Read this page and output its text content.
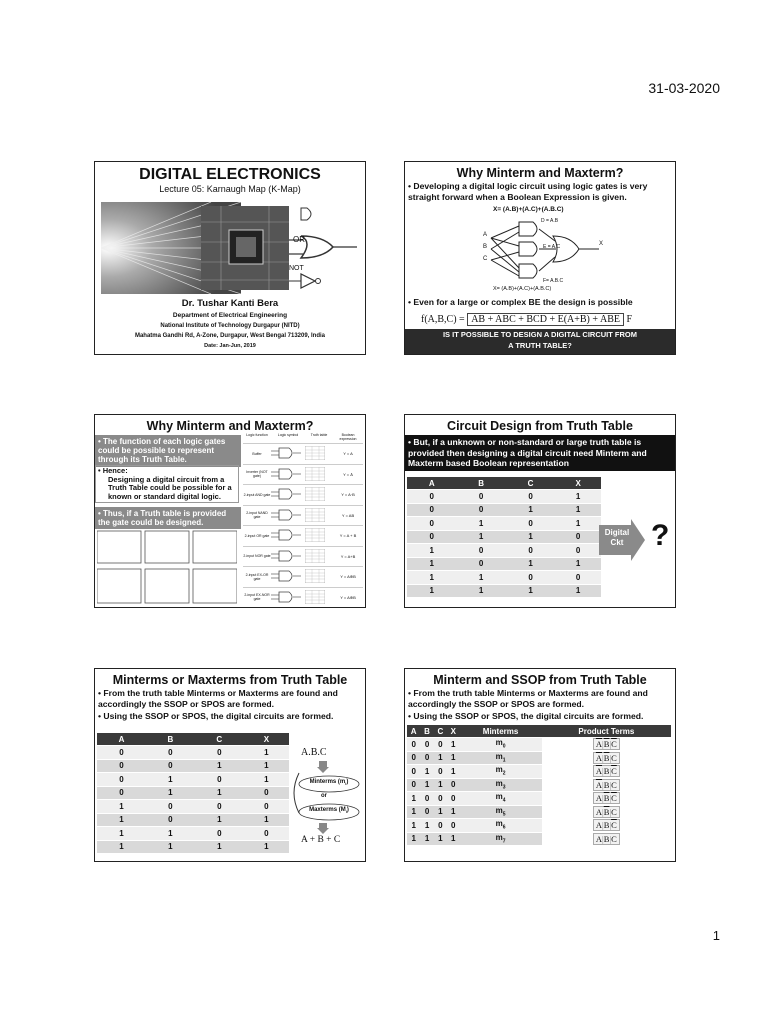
31-03-2020
1
DIGITAL ELECTRONICS
Lecture 05: Karnaugh Map (K-Map)
OR
NOT
Dr. Tushar Kanti Bera
Department of Electrical Engineering
National Institute of Technology Durgapur (NITD)
Mahatma Gandhi Rd, A-Zone, Durgapur, West Bengal 713209, India
Date: Jan-Jun, 2019
Why Minterm and Maxterm?

• Developing a digital logic circuit using logic gates is very straight forward when a Boolean Expression is given.

X= (A.B)+(A.C)+(A.B.C)
D = A.B
E = A.C
F= A.B.C
X
A
B
C
X= (A.B)+(A.C)+(A.B.C)
• Even for a large or complex BE the design is possible
f(A,B,C) = AB + ABC + BCD + E(A+B) + ABE F
IS IT POSSIBLE TO DESIGN A DIGITAL CIRCUIT FROM
A TRUTH TABLE?
Why Minterm and Maxterm?
• The function of each logic gates could be possible to represent through its Truth Table.
• Hence:
Designing a digital circuit from a Truth Table could be possible for a known or standard digital logic.
• Thus, if a Truth table is provided the gate could be designed.
Logic function	Logic symbol	Truth table	Boolean expression
Buffer	Y = A
Inverter (NOT gate)	Y = Ā
2-input AND gate	Y = A·B
2-input NAND gate	Y = AB
2-input OR gate	Y = A + B
2-input NOR gate	Y = A+B
2-input EX-OR gate	Y = A⊕B
2-input EX-NOR gate	Y = A⊕B
Circuit Design from Truth Table
• But, if a unknown or non-standard or large truth table is provided then designing a digital circuit need Minterm and Maxterm based Boolean representation
A	B	C	X
0	0	0	1
0	0	1	1
0	1	0	1
0	1	1	0
1	0	0	0
1	0	1	1
1	1	0	0
1	1	1	1
Digital
Ckt ?
Minterms or Maxterms from Truth Table

• From the truth table Minterms or Maxterms are found and accordingly the SSOP or SPOS are formed.

• Using the SSOP or SPOS, the digital circuits are formed.

A	B	C	X
0	0	0	1
0	0	1	1
0	1	0	1
0	1	1	0
1	0	0	0
1	0	1	1
1	1	0	0
1	1	1	1
A.B.C
Minterms $(m_i)$
or
Maxterms $(M_i)$
A + B + C
Minterm and SSOP from Truth Table

• From the truth table Minterms or Maxterms are found and accordingly the SSOP or SPOS are formed.

• Using the SSOP or SPOS, the digital circuits are formed.

A	B	C	X	Minterms	Product Terms
0	0	0	1	$m_0$	$\overline{A}|\overline{B}|\overline{C}$
0	0	1	1	$m_1$	$\overline{A}|\overline{B}|C$
0	1	0	1	$m_2$	$\overline{A}|B|\overline{C}$
0	1	1	0	$m_3$	$\overline{A}|B|C$
1	0	0	0	$m_4$	$A|\overline{B}|\overline{C}$
1	0	1	1	$m_5$	$A|\overline{B}|C$
1	1	0	0	$m_6$	$A|B|\overline{C}$
1	1	1	1	$m_7$	A|B|C
